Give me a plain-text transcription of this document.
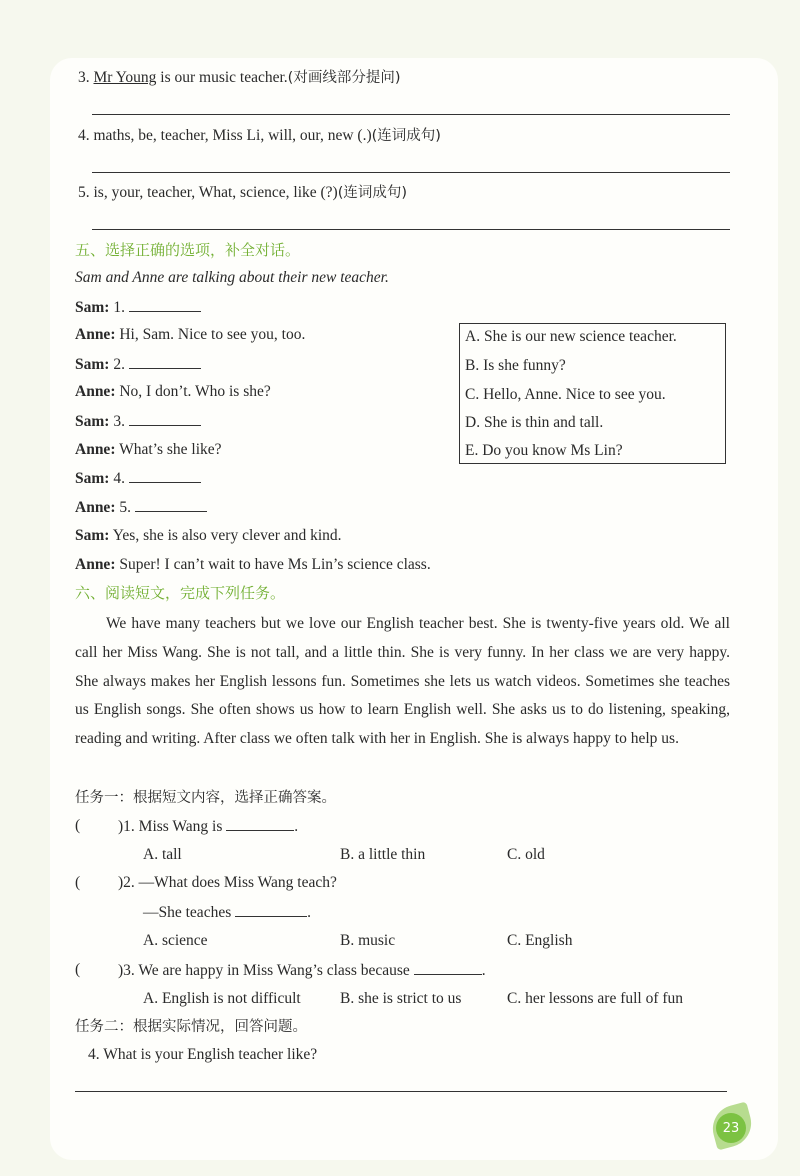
3. Mr Young is our music teacher.(对画线部分提问)
4. maths, be, teacher, Miss Li, will, our, new (.)(连词成句)
5. is, your, teacher, What, science, like (?)(连词成句)
五、选择正确的选项，补全对话。
Sam and Anne are talking about their new teacher.
Sam: 1.
Anne: Hi, Sam. Nice to see you, too.
Sam: 2.
Anne: No, I don’t. Who is she?
Sam: 3.
Anne: What’s she like?
Sam: 4.
Anne: 5.
Sam: Yes, she is also very clever and kind.
Anne: Super! I can’t wait to have Ms Lin’s science class.
A. She is our new science teacher.
B. Is she funny?
C. Hello, Anne. Nice to see you.
D. She is thin and tall.
E. Do you know Ms Lin?
六、阅读短文，完成下列任务。
We have many teachers but we love our English teacher best. She is twenty-five years old. We all call her Miss Wang. She is not tall, and a little thin. She is very funny. In her class we are very happy. She always makes her English lessons fun. Sometimes she lets us watch videos. Sometimes she teaches us English songs. She often shows us how to learn English well. She asks us to do listening, speaking, reading and writing. After class we often talk with her in English. She is always happy to help us.
任务一：根据短文内容，选择正确答案。
( )1. Miss Wang is	.
A. tall	B. a little thin	C. old
( )2. —What does Miss Wang teach?
—She teaches	.
A. science	B. music	C. English
( )3. We are happy in Miss Wang’s class because	.
A. English is not difficult	B. she is strict to us	C. her lessons are full of fun
任务二：根据实际情况，回答问题。
4. What is your English teacher like?
23
